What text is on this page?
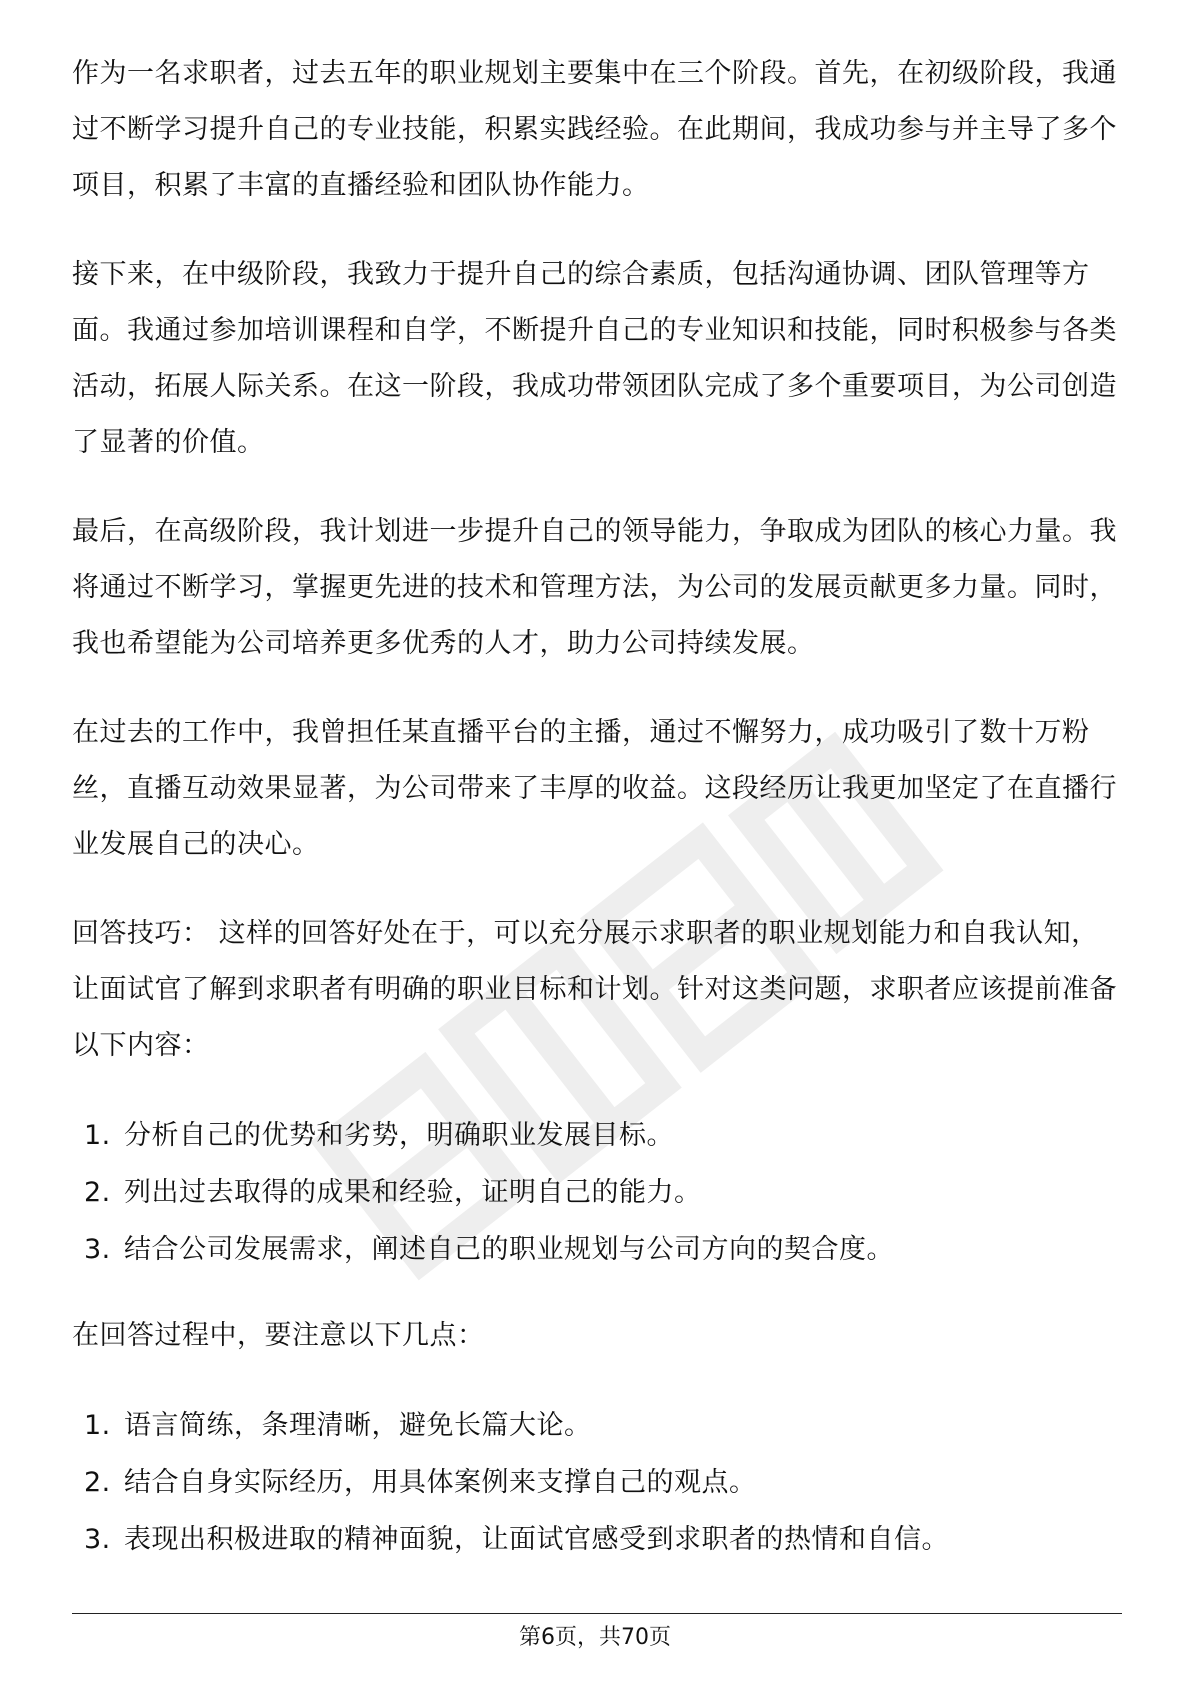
作为一名求职者，过去五年的职业规划主要集中在三个阶段。首先，在初级阶段，我通过不断学习提升自己的专业技能，积累实践经验。在此期间，我成功参与并主导了多个项目，积累了丰富的直播经验和团队协作能力。

接下来，在中级阶段，我致力于提升自己的综合素质，包括沟通协调、团队管理等方面。我通过参加培训课程和自学，不断提升自己的专业知识和技能，同时积极参与各类活动，拓展人际关系。在这一阶段，我成功带领团队完成了多个重要项目，为公司创造了显著的价值。

最后，在高级阶段，我计划进一步提升自己的领导能力，争取成为团队的核心力量。我将通过不断学习，掌握更先进的技术和管理方法，为公司的发展贡献更多力量。同时，我也希望能为公司培养更多优秀的人才，助力公司持续发展。

在过去的工作中，我曾担任某直播平台的主播，通过不懈努力，成功吸引了数十万粉丝，直播互动效果显著，为公司带来了丰厚的收益。这段经历让我更加坚定了在直播行业发展自己的决心。

回答技巧： 这样的回答好处在于，可以充分展示求职者的职业规划能力和自我认知，让面试官了解到求职者有明确的职业目标和计划。针对这类问题，求职者应该提前准备以下内容：

1. 分析自己的优势和劣势，明确职业发展目标。
2. 列出过去取得的成果和经验，证明自己的能力。
3. 结合公司发展需求，阐述自己的职业规划与公司方向的契合度。

在回答过程中，要注意以下几点：

1. 语言简练，条理清晰，避免长篇大论。
2. 结合自身实际经历，用具体案例来支撑自己的观点。
3. 表现出积极进取的精神面貌，让面试官感受到求职者的热情和自信。
第6页，共70页
